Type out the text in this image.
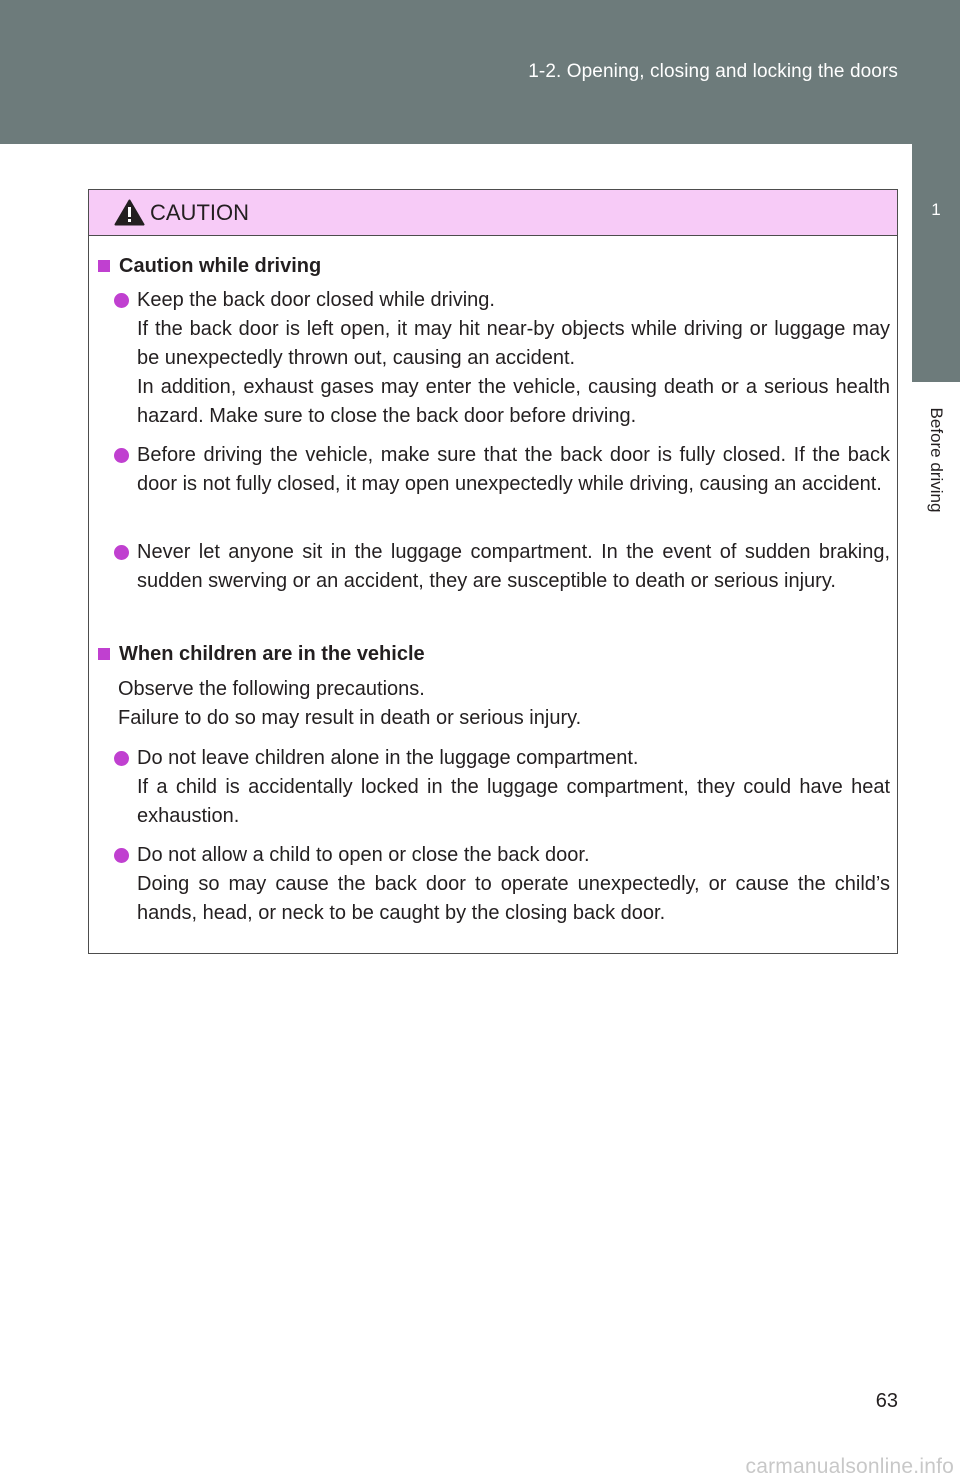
1-2. Opening, closing and locking the doors
1
Before driving
CAUTION
Caution while driving

Keep the back door closed while driving.

If the back door is left open, it may hit near-by objects while driving or luggage may be unexpectedly thrown out, causing an accident.

In addition, exhaust gases may enter the vehicle, causing death or a serious health hazard. Make sure to close the back door before driving.

Before driving the vehicle, make sure that the back door is fully closed. If the back door is not fully closed, it may open unexpectedly while driving, causing an accident.

Never let anyone sit in the luggage compartment. In the event of sudden braking, sudden swerving or an accident, they are susceptible to death or serious injury.

When children are in the vehicle

Observe the following precautions.

Failure to do so may result in death or serious injury.

Do not leave children alone in the luggage compartment.

If a child is accidentally locked in the luggage compartment, they could have heat exhaustion.

Do not allow a child to open or close the back door.

Doing so may cause the back door to operate unexpectedly, or cause the child’s hands, head, or neck to be caught by the closing back door.

63
carmanualsonline.info
